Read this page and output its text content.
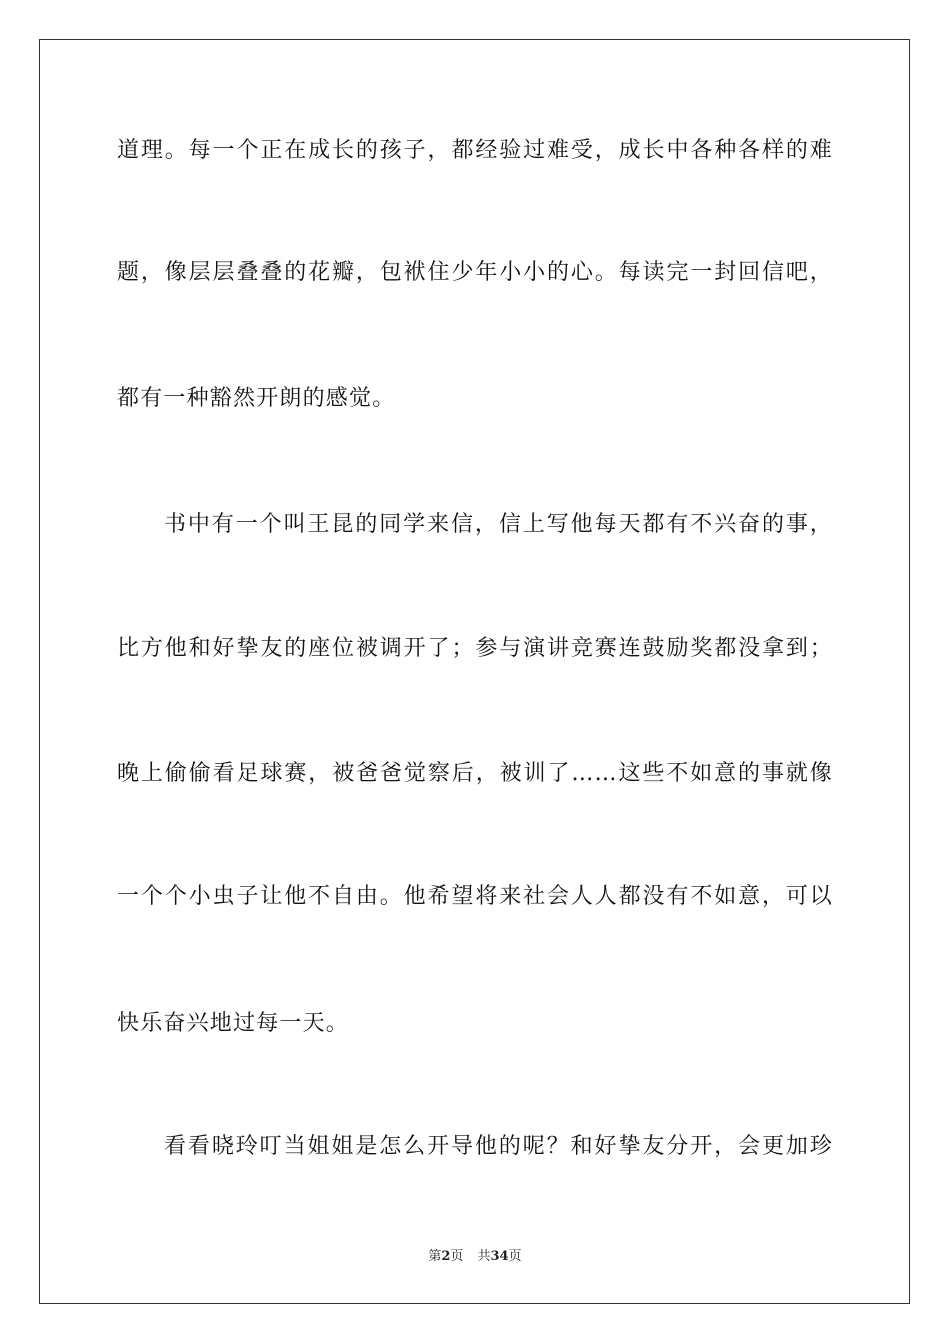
道理。每一个正在成长的孩子，都经验过难受，成长中各种各样的难
题，像层层叠叠的花瓣，包袱住少年小小的心。每读完一封回信吧，
都有一种豁然开朗的感觉。
书中有一个叫王昆的同学来信，信上写他每天都有不兴奋的事，
比方他和好挚友的座位被调开了；参与演讲竞赛连鼓励奖都没拿到；
晚上偷偷看足球赛，被爸爸觉察后，被训了……这些不如意的事就像
一个个小虫子让他不自由。他希望将来社会人人都没有不如意，可以
快乐奋兴地过每一天。
看看晓玲叮当姐姐是怎么开导他的呢？和好挚友分开，会更加珍
第2页 共34页
